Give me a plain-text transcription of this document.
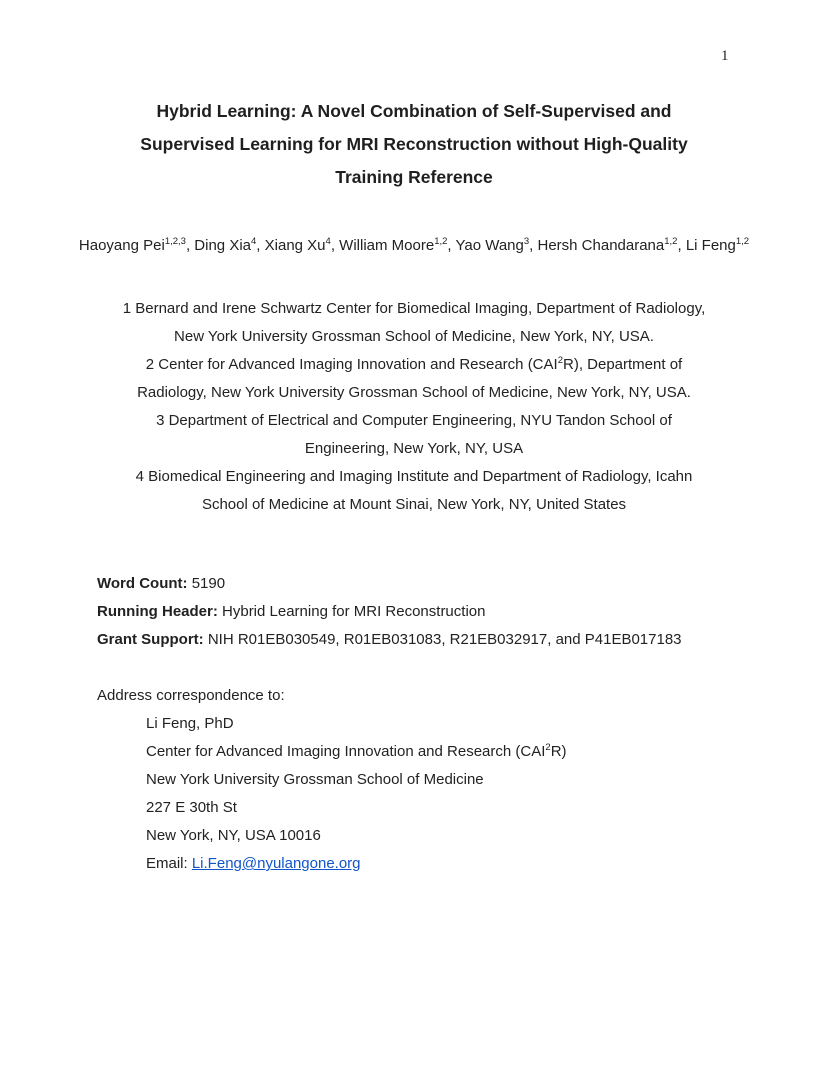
1
Hybrid Learning: A Novel Combination of Self-Supervised and
Supervised Learning for MRI Reconstruction without High-Quality
Training Reference
Haoyang Pei$^{1,2,3}$, Ding Xia$^4$, Xiang Xu$^4$, William Moore$^{1,2}$, Yao Wang$^3$, Hersh Chandarana$^{1,2}$, Li Feng$^{1,2}$
1 Bernard and Irene Schwartz Center for Biomedical Imaging, Department of Radiology,
New York University Grossman School of Medicine, New York, NY, USA.
2 Center for Advanced Imaging Innovation and Research (CAI$^2$R), Department of
Radiology, New York University Grossman School of Medicine, New York, NY, USA.
3 Department of Electrical and Computer Engineering, NYU Tandon School of
Engineering, New York, NY, USA
4 Biomedical Engineering and Imaging Institute and Department of Radiology, Icahn
School of Medicine at Mount Sinai, New York, NY, United States
Word Count: 5190
Running Header: Hybrid Learning for MRI Reconstruction
Grant Support: NIH R01EB030549, R01EB031083, R21EB032917, and P41EB017183
Address correspondence to:
Li Feng, PhD
Center for Advanced Imaging Innovation and Research (CAI$^2$R)
New York University Grossman School of Medicine
227 E 30th St
New York, NY, USA 10016
Email: Li.Feng@nyulangone.org
